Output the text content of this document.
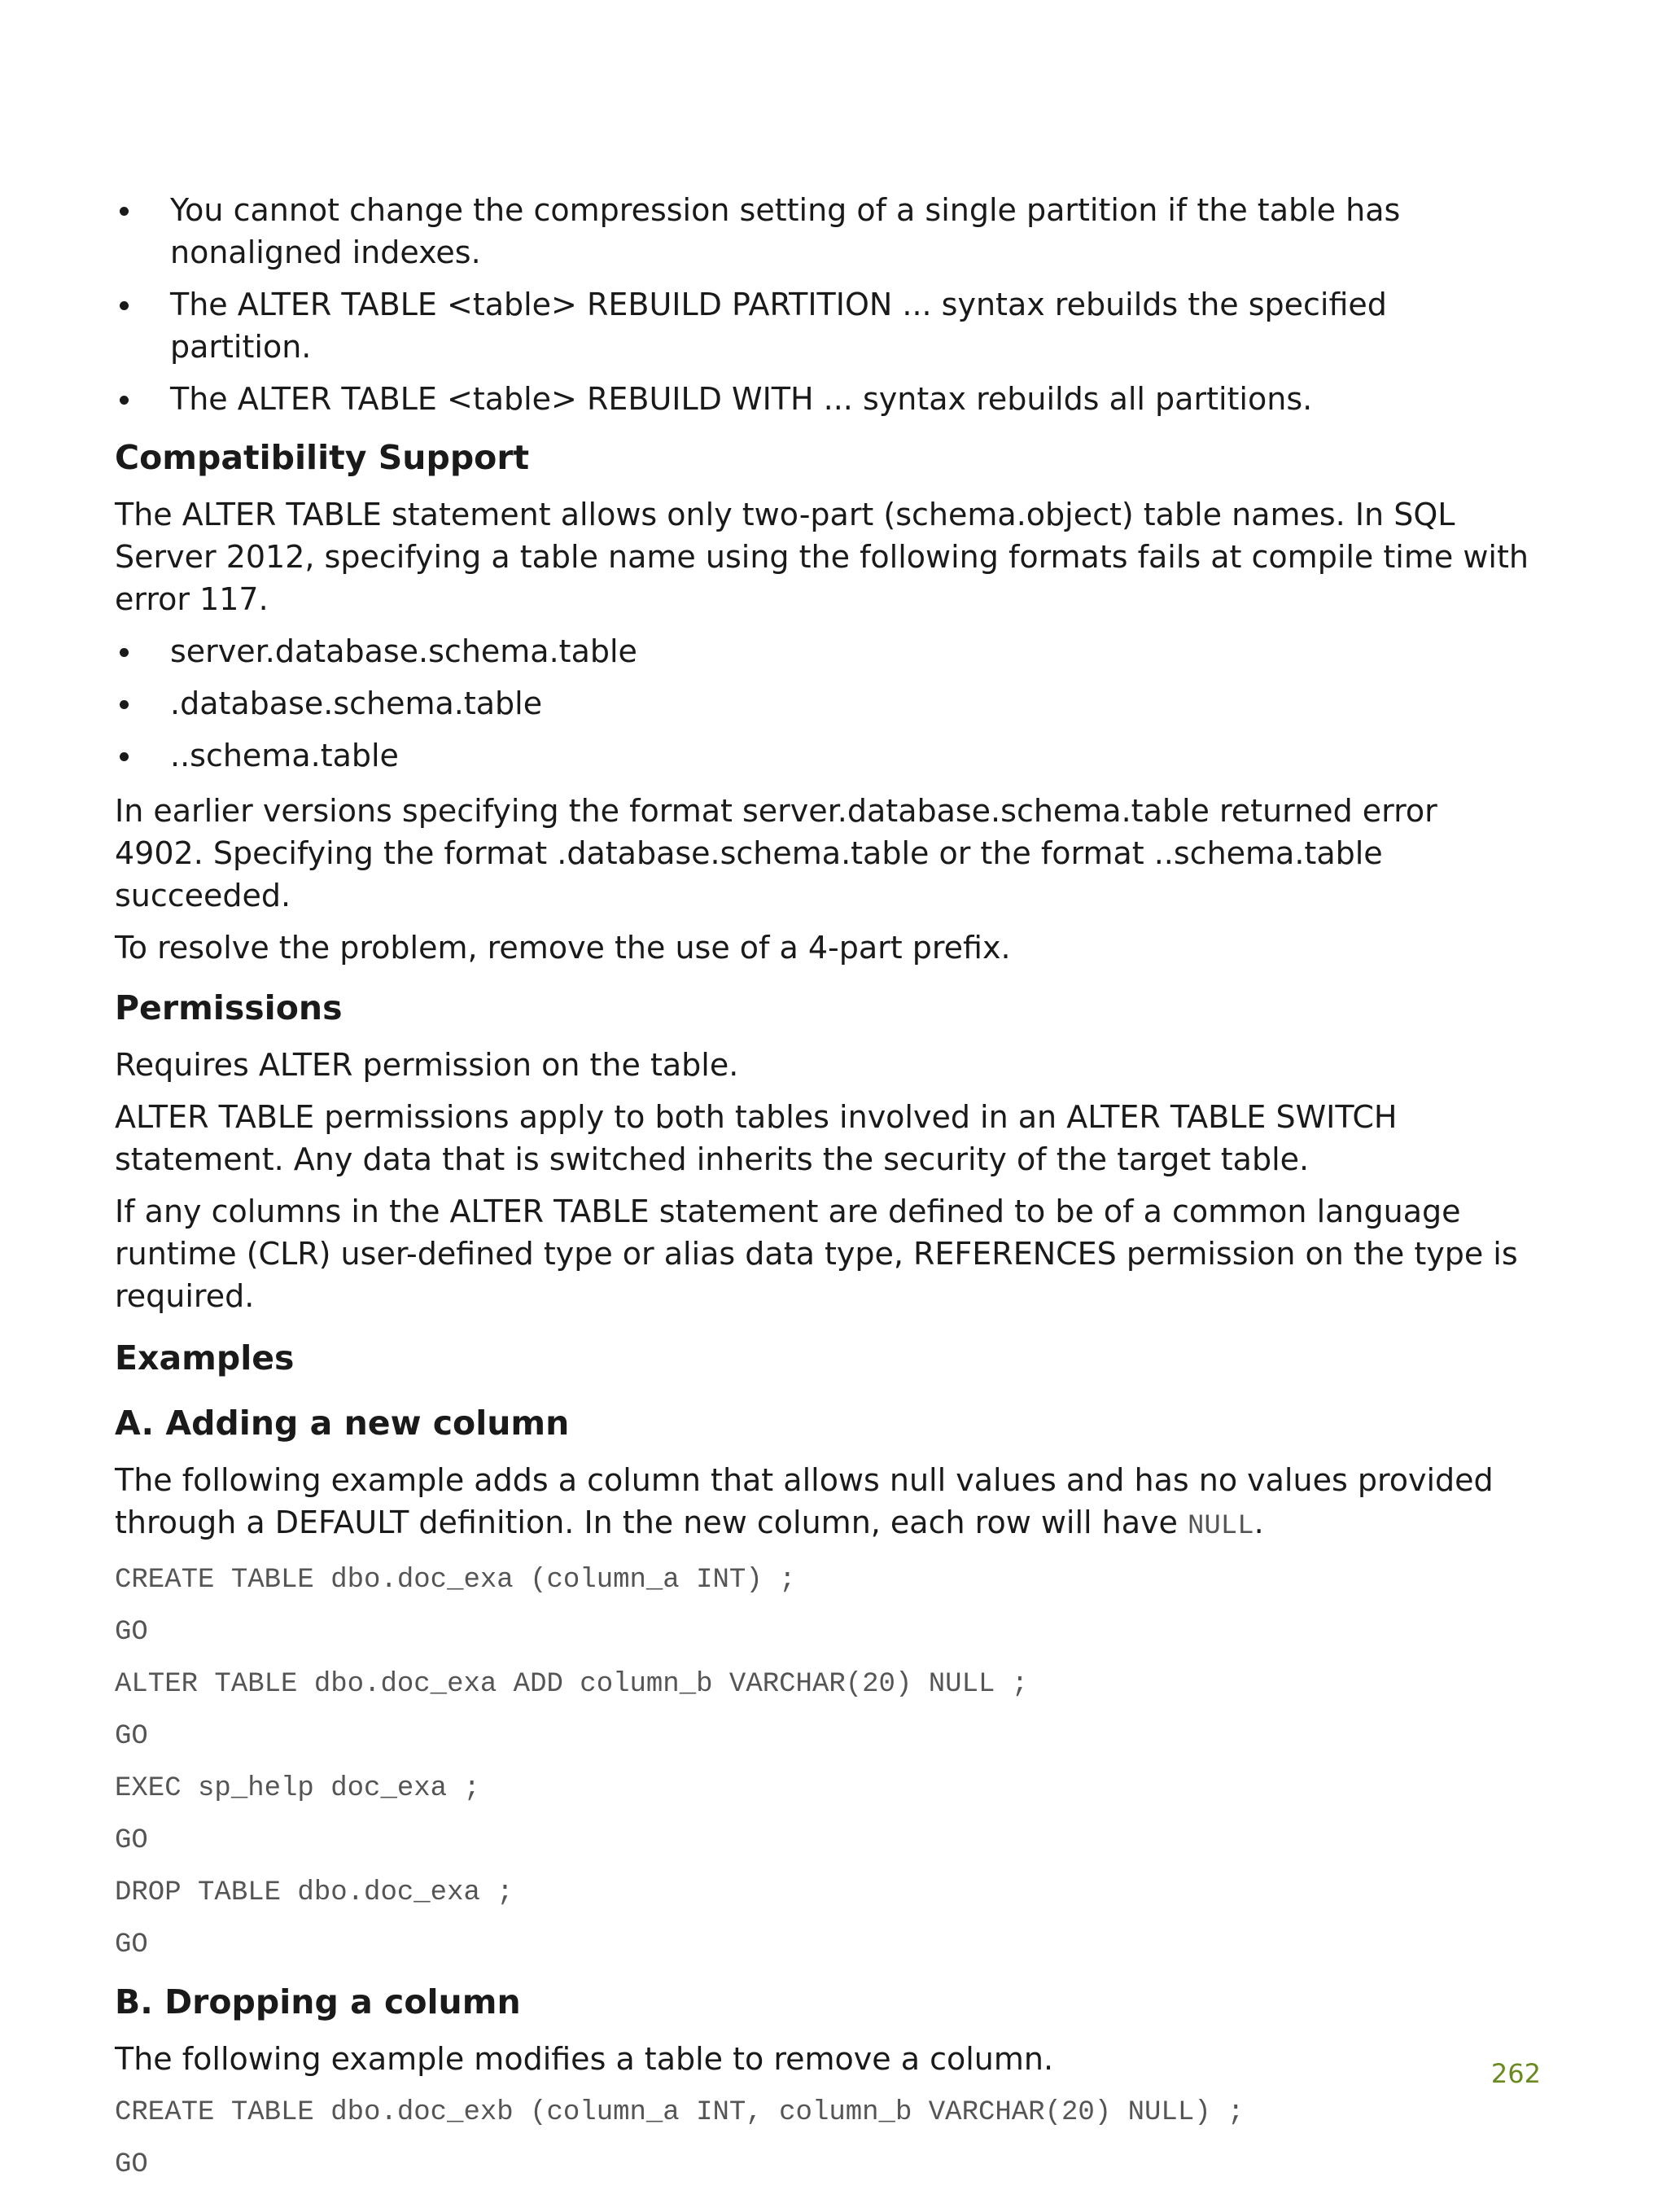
You cannot change the compression setting of a single partition if the table has nonaligned indexes.
The ALTER TABLE <table> REBUILD PARTITION ... syntax rebuilds the specified partition.
The ALTER TABLE <table> REBUILD WITH ... syntax rebuilds all partitions.
Compatibility Support

The ALTER TABLE statement allows only two-part (schema.object) table names. In SQL Server 2012, specifying a table name using the following formats fails at compile time with error 117.

server.database.schema.table
.database.schema.table
..schema.table

In earlier versions specifying the format server.database.schema.table returned error 4902. Specifying the format .database.schema.table or the format ..schema.table succeeded.

To resolve the problem, remove the use of a 4-part prefix.

Permissions

Requires ALTER permission on the table.

ALTER TABLE permissions apply to both tables involved in an ALTER TABLE SWITCH statement. Any data that is switched inherits the security of the target table.

If any columns in the ALTER TABLE statement are defined to be of a common language runtime (CLR) user-defined type or alias data type, REFERENCES permission on the type is required.

Examples
A. Adding a new column

The following example adds a column that allows null values and has no values provided through a DEFAULT definition. In the new column, each row will have NULL.

CREATE TABLE dbo.doc_exa (column_a INT) ;
GO
ALTER TABLE dbo.doc_exa ADD column_b VARCHAR(20) NULL ;
GO
EXEC sp_help doc_exa ;
GO
DROP TABLE dbo.doc_exa ;
GO
B. Dropping a column

The following example modifies a table to remove a column.

CREATE TABLE dbo.doc_exb (column_a INT, column_b VARCHAR(20) NULL) ;
GO
262
